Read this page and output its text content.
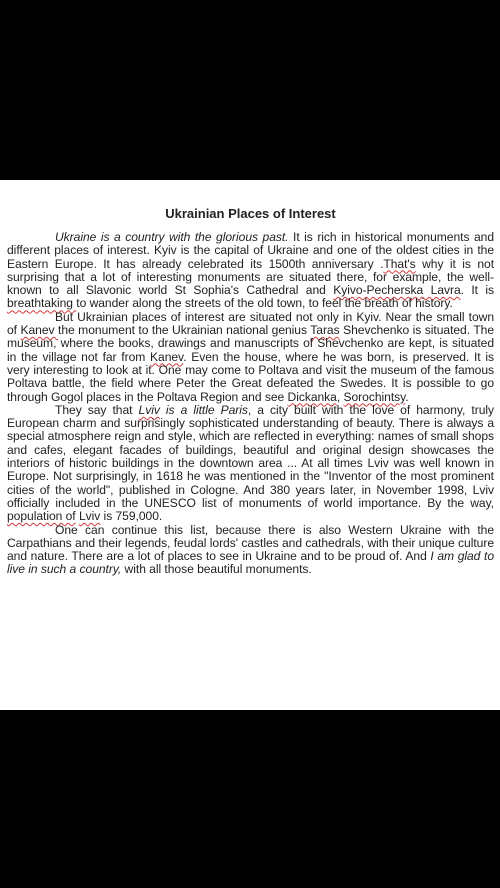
Ukrainian Places of Interest

Ukraine is a country with the glorious past. It is rich in historical monuments and different places of interest. Kyiv is the capital of Ukraine and one of the oldest cities in the Eastern Europe. It has already celebrated its 1500th anniversary .That's why it is not surprising that a lot of interesting monuments are situated there, for example, the well-known to all Slavonic world St Sophia's Cathedral and Kyivo-Pecherska Lavra. It is breathtaking to wander along the streets of the old town, to feel the breath of history.

But Ukrainian places of interest are situated not only in Kyiv. Near the small town of Kanev the monument to the Ukrainian national genius Taras Shevchenko is situated. The museum, where the books, drawings and manuscripts of Shevchenko are kept, is situated in the village not far from Kanev. Even the house, where he was born, is preserved. It is very interesting to look at it. One may come to Poltava and visit the museum of the famous Poltava battle, the field where Peter the Great defeated the Swedes. It is possible to go through Gogol places in the Poltava Region and see Dickanka, Sorochintsy.

They say that Lviv is a little Paris, a city built with the love of harmony, truly European charm and surprisingly sophisticated understanding of beauty. There is always a special atmosphere reign and style, which are reflected in everything: names of small shops and cafes, elegant facades of buildings, beautiful and original design showcases the interiors of historic buildings in the downtown area ... At all times Lviv was well known in Europe. Not surprisingly, in 1618 he was mentioned in the "Inventor of the most prominent cities of the world", published in Cologne. And 380 years later, in November 1998, Lviv officially included in the UNESCO list of monuments of world importance. By the way, population of Lviv is 759,000.

One can continue this list, because there is also Western Ukraine with the Carpathians and their legends, feudal lords' castles and cathedrals, with their unique culture and nature. There are a lot of places to see in Ukraine and to be proud of. And I am glad to live in such a country, with all those beautiful monuments.
